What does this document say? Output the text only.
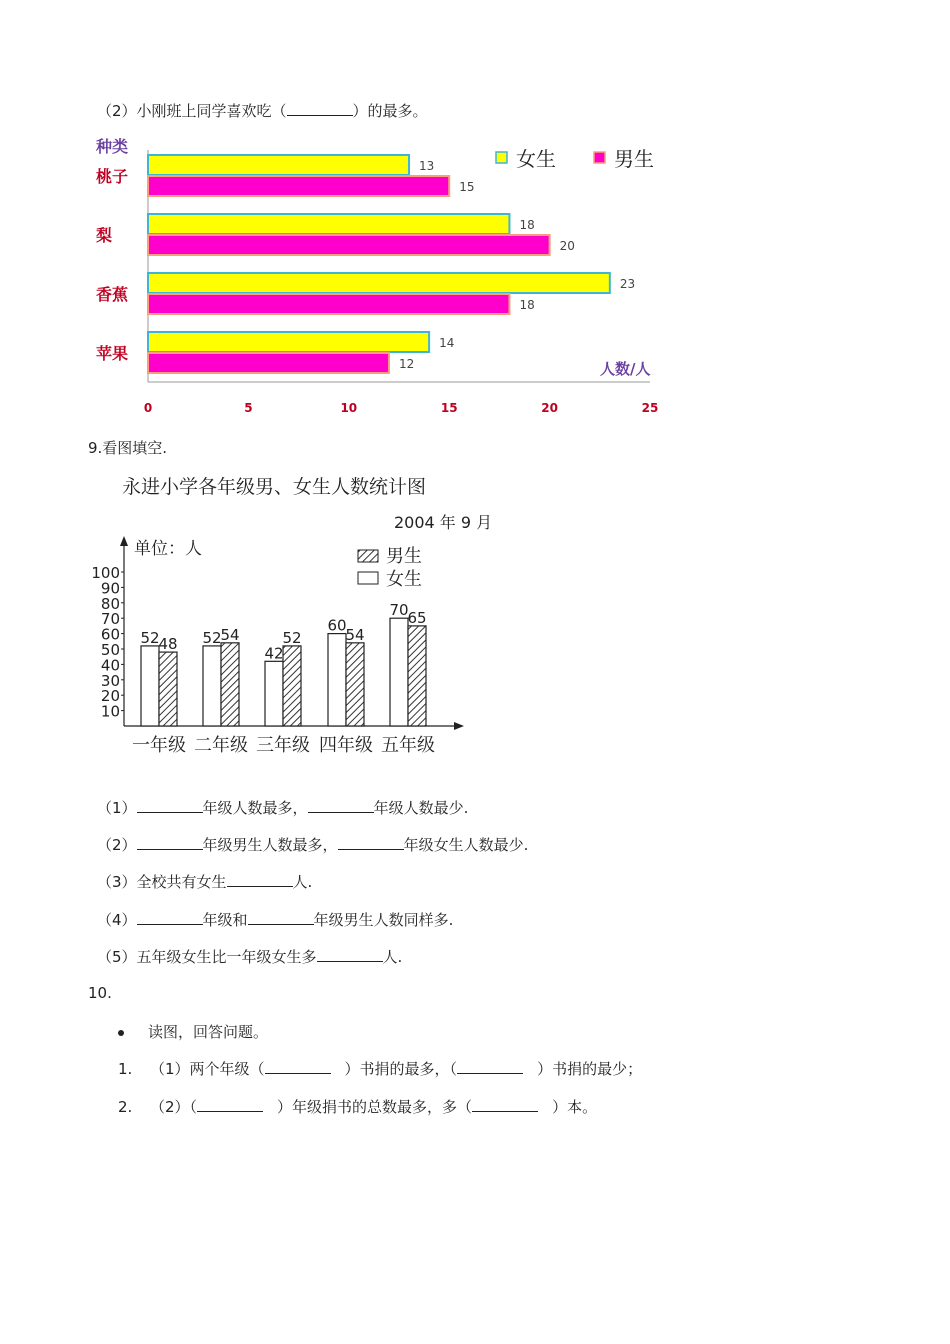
（2）小刚班上同学喜欢吃（	）的最多。
种类
桃子
13
15
梨
18
20
香蕉
23
18
苹果
14
12
0	5	10	15	20	25
女生	男生
人数/人
9.看图填空.
永进小学各年级男、女生人数统计图
2004 年 9 月
单位：人
10
20
30
40
50
60
70
80
90
100
52
48
一年级
52
54
二年级
42
52
三年级
60
54
四年级
70
65
五年级
男生
女生
（1）	年级人数最多，	年级人数最少.
（2）	年级男生人数最多，	年级女生人数最少.
（3）全校共有女生	人.
（4）	年级和	年级男生人数同样多.
（5）五年级女生比一年级女生多	人.
10.
读图，回答问题。
1. （1）两个年级（	）书捐的最多，（	）书捐的最少；
2. （2）（	）年级捐书的总数最多，多（	）本。
